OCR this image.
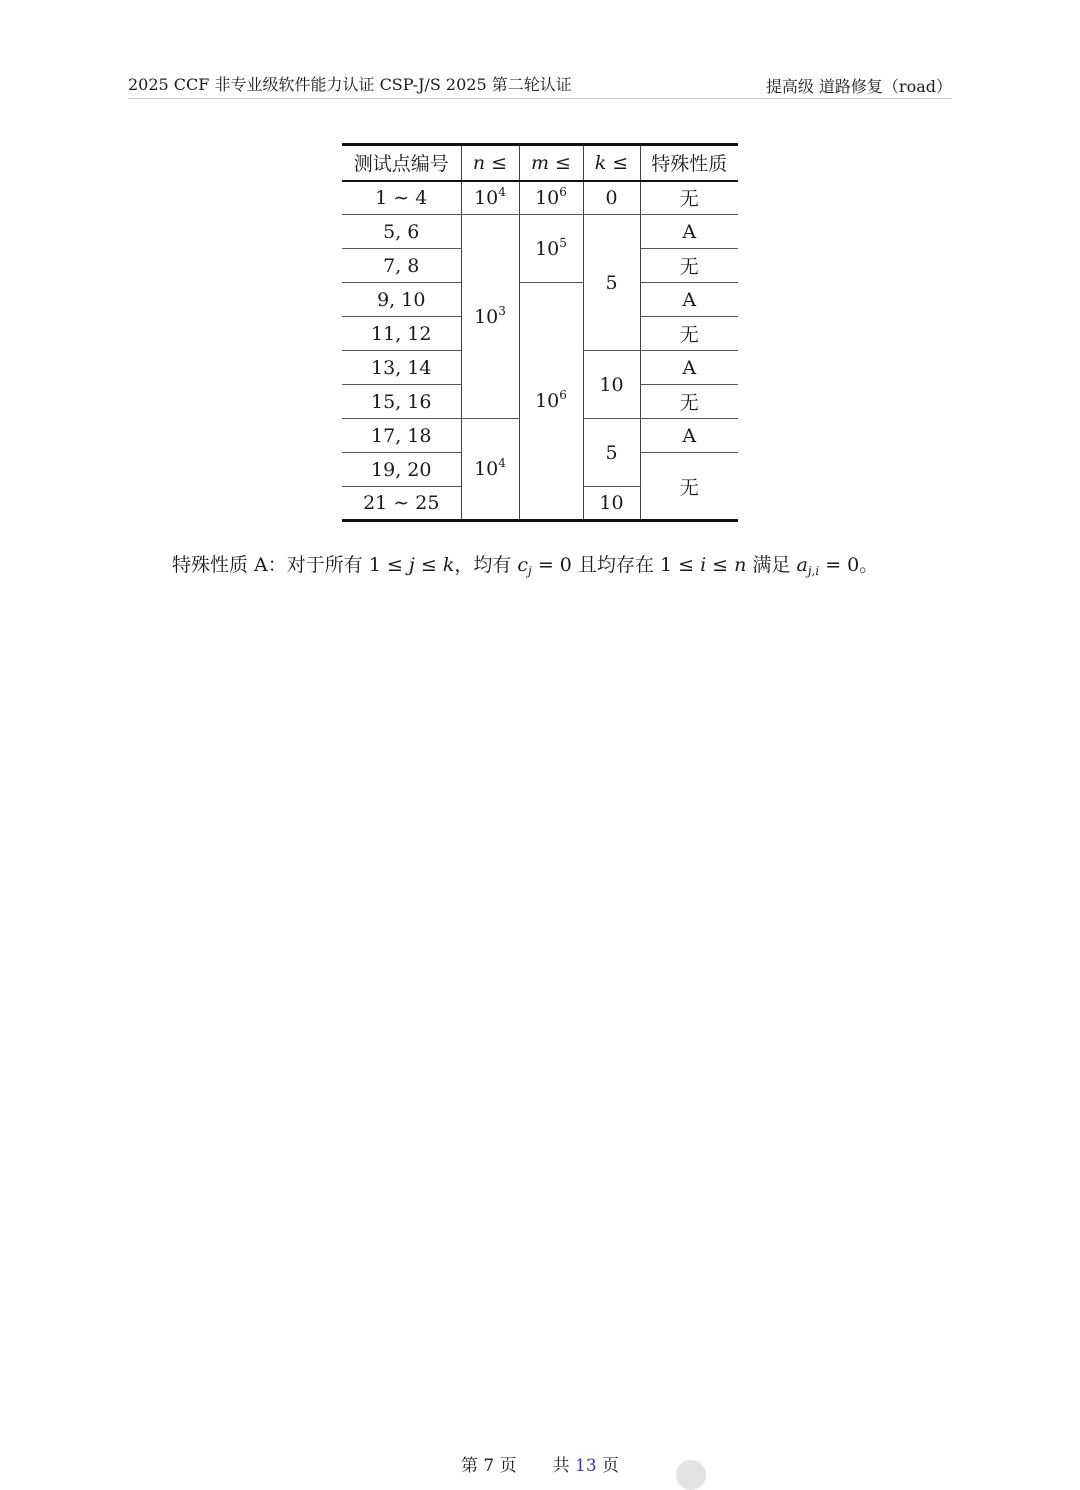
2025 CCF 非专业级软件能力认证 CSP-J/S 2025 第二轮认证	提高级 道路修复（road）
测试点编号	n ≤	m ≤	k ≤	特殊性质
1 ∼ 4	$10^4$	$10^6$	0	无
5, 6	$10^3$	$10^5$	5	A
7, 8				无
9, 10		$10^6$		A
11, 12				无
13, 14			10	A
15, 16				无
17, 18	$10^4$		5	A
19, 20				无
21 ∼ 25			10	
特殊性质 A：对于所有 1 ≤ j ≤ k，均有 $c_j = 0$ 且均存在 1 ≤ i ≤ n 满足 $a_{j,i} = 0$。
第 7 页 共 13 页
